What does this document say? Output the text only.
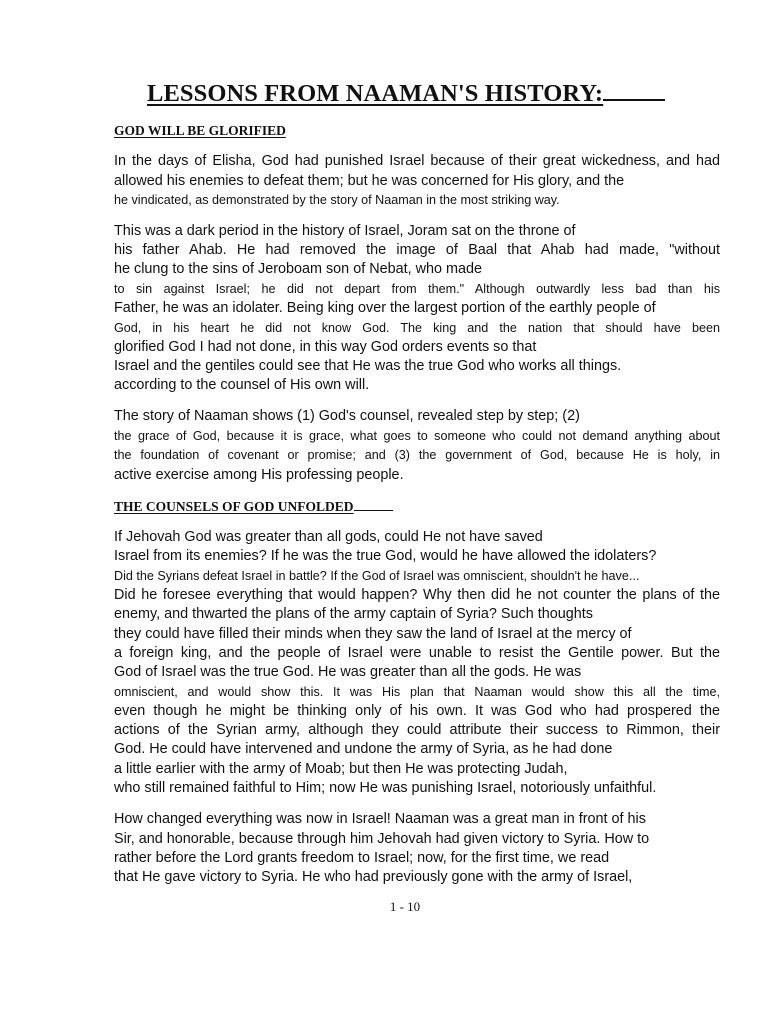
LESSONS FROM NAAMAN'S HISTORY:
GOD WILL BE GLORIFIED
In the days of Elisha, God had punished Israel because of their great wickedness, and had
allowed his enemies to defeat them; but he was concerned for His glory, and the
he vindicated, as demonstrated by the story of Naaman in the most striking way.
This was a dark period in the history of Israel, Joram sat on the throne of
his father Ahab. He had removed the image of Baal that Ahab had made, "without
he clung to the sins of Jeroboam son of Nebat, who made
to sin against Israel; he did not depart from them." Although outwardly less bad than his
Father, he was an idolater. Being king over the largest portion of the earthly people of
God, in his heart he did not know God. The king and the nation that should have been
glorified God I had not done, in this way God orders events so that
Israel and the gentiles could see that He was the true God who works all things.
according to the counsel of His own will.
The story of Naaman shows (1) God's counsel, revealed step by step; (2)
the grace of God, because it is grace, what goes to someone who could not demand anything about
the foundation of covenant or promise; and (3) the government of God, because He is holy, in
active exercise among His professing people.
THE COUNSELS OF GOD UNFOLDED
If Jehovah God was greater than all gods, could He not have saved
Israel from its enemies? If he was the true God, would he have allowed the idolaters?
Did the Syrians defeat Israel in battle? If the God of Israel was omniscient, shouldn't he have...
Did he foresee everything that would happen? Why then did he not counter the plans of the
enemy, and thwarted the plans of the army captain of Syria? Such thoughts
they could have filled their minds when they saw the land of Israel at the mercy of
a foreign king, and the people of Israel were unable to resist the Gentile power. But the
God of Israel was the true God. He was greater than all the gods. He was
omniscient, and would show this. It was His plan that Naaman would show this all the time,
even though he might be thinking only of his own. It was God who had prospered the
actions of the Syrian army, although they could attribute their success to Rimmon, their
God. He could have intervened and undone the army of Syria, as he had done
a little earlier with the army of Moab; but then He was protecting Judah,
who still remained faithful to Him; now He was punishing Israel, notoriously unfaithful.
How changed everything was now in Israel! Naaman was a great man in front of his
Sir, and honorable, because through him Jehovah had given victory to Syria. How to
rather before the Lord grants freedom to Israel; now, for the first time, we read
that He gave victory to Syria. He who had previously gone with the army of Israel,
1 - 10
